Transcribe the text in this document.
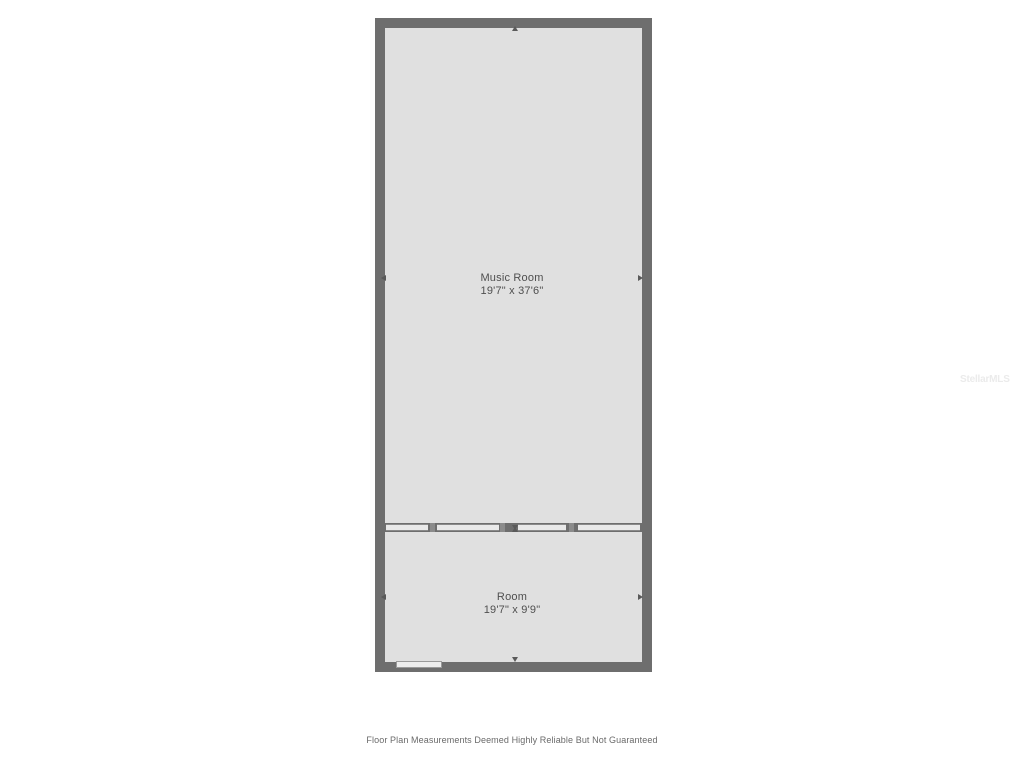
Music Room
19'7" x 37'6"
Room
19'7" x 9'9"
StellarMLS
Floor Plan Measurements Deemed Highly Reliable But Not Guaranteed
